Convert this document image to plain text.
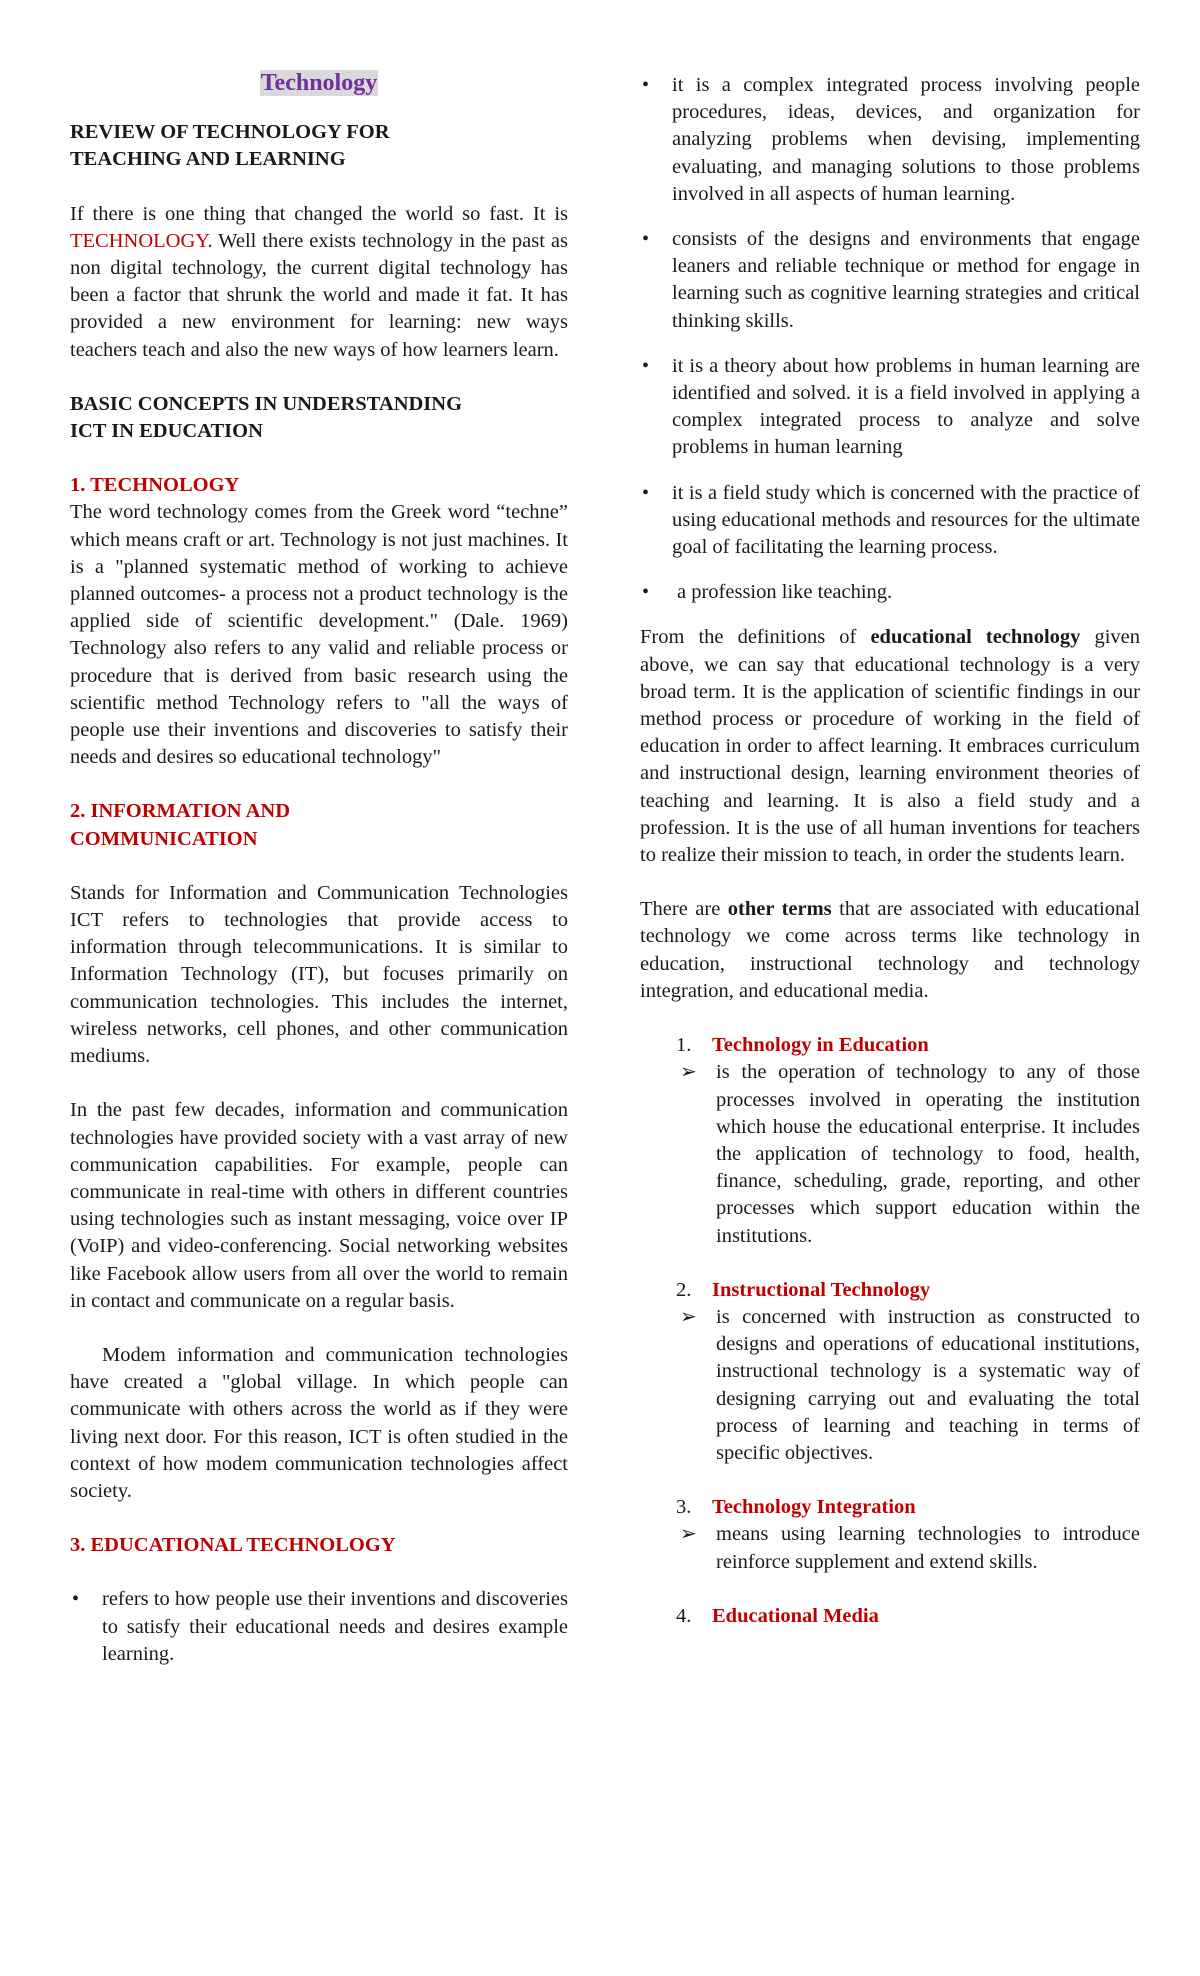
Technology

REVIEW OF TECHNOLOGY FOR

TEACHING AND LEARNING

If there is one thing that changed the world so fast. It is TECHNOLOGY. Well there exists technology in the past as non digital technology, the current digital technology has been a factor that shrunk the world and made it fat. It has provided a new environment for learning: new ways teachers teach and also the new ways of how learners learn.

BASIC CONCEPTS IN UNDERSTANDING

ICT IN EDUCATION

1. TECHNOLOGY

The word technology comes from the Greek word “techne” which means craft or art. Technology is not just machines. It is a "planned systematic method of working to achieve planned outcomes- a process not a product technology is the applied side of scientific development." (Dale. 1969) Technology also refers to any valid and reliable process or procedure that is derived from basic research using the scientific method Technology refers to "all the ways of people use their inventions and discoveries to satisfy their needs and desires so educational technology"

2. INFORMATION AND

COMMUNICATION

Stands for Information and Communication Technologies ICT refers to technologies that provide access to information through telecommunications. It is similar to Information Technology (IT), but focuses primarily on communication technologies. This includes the internet, wireless networks, cell phones, and other communication mediums.

In the past few decades, information and communication technologies have provided society with a vast array of new communication capabilities. For example, people can communicate in real-time with others in different countries using technologies such as instant messaging, voice over IP (VoIP) and video-conferencing. Social networking websites like Facebook allow users from all over the world to remain in contact and communicate on a regular basis.

Modem information and communication technologies have created a "global village. In which people can communicate with others across the world as if they were living next door. For this reason, ICT is often studied in the context of how modem communication technologies affect society.

3. EDUCATIONAL TECHNOLOGY

• refers to how people use their inventions and discoveries to satisfy their educational needs and desires example learning.
• it is a complex integrated process involving people procedures, ideas, devices, and organization for analyzing problems when devising, implementing evaluating, and managing solutions to those problems involved in all aspects of human learning.
• consists of the designs and environments that engage leaners and reliable technique or method for engage in learning such as cognitive learning strategies and critical thinking skills.
• it is a theory about how problems in human learning are identified and solved. it is a field involved in applying a complex integrated process to analyze and solve problems in human learning
• it is a field study which is concerned with the practice of using educational methods and resources for the ultimate goal of facilitating the learning process.
• a profession like teaching.

From the definitions of educational technology given above, we can say that educational technology is a very broad term. It is the application of scientific findings in our method process or procedure of working in the field of education in order to affect learning. It embraces curriculum and instructional design, learning environment theories of teaching and learning. It is also a field study and a profession. It is the use of all human inventions for teachers to realize their mission to teach, in order the students learn.

There are other terms that are associated with educational technology we come across terms like technology in education, instructional technology and technology integration, and educational media.

1. Technology in Education
➢ is the operation of technology to any of those processes involved in operating the institution which house the educational enterprise. It includes the application of technology to food, health, finance, scheduling, grade, reporting, and other processes which support education within the institutions.
2. Instructional Technology
➢ is concerned with instruction as constructed to designs and operations of educational institutions, instructional technology is a systematic way of designing carrying out and evaluating the total process of learning and teaching in terms of specific objectives.
3. Technology Integration
➢ means using learning technologies to introduce reinforce supplement and extend skills.
4. Educational Media
